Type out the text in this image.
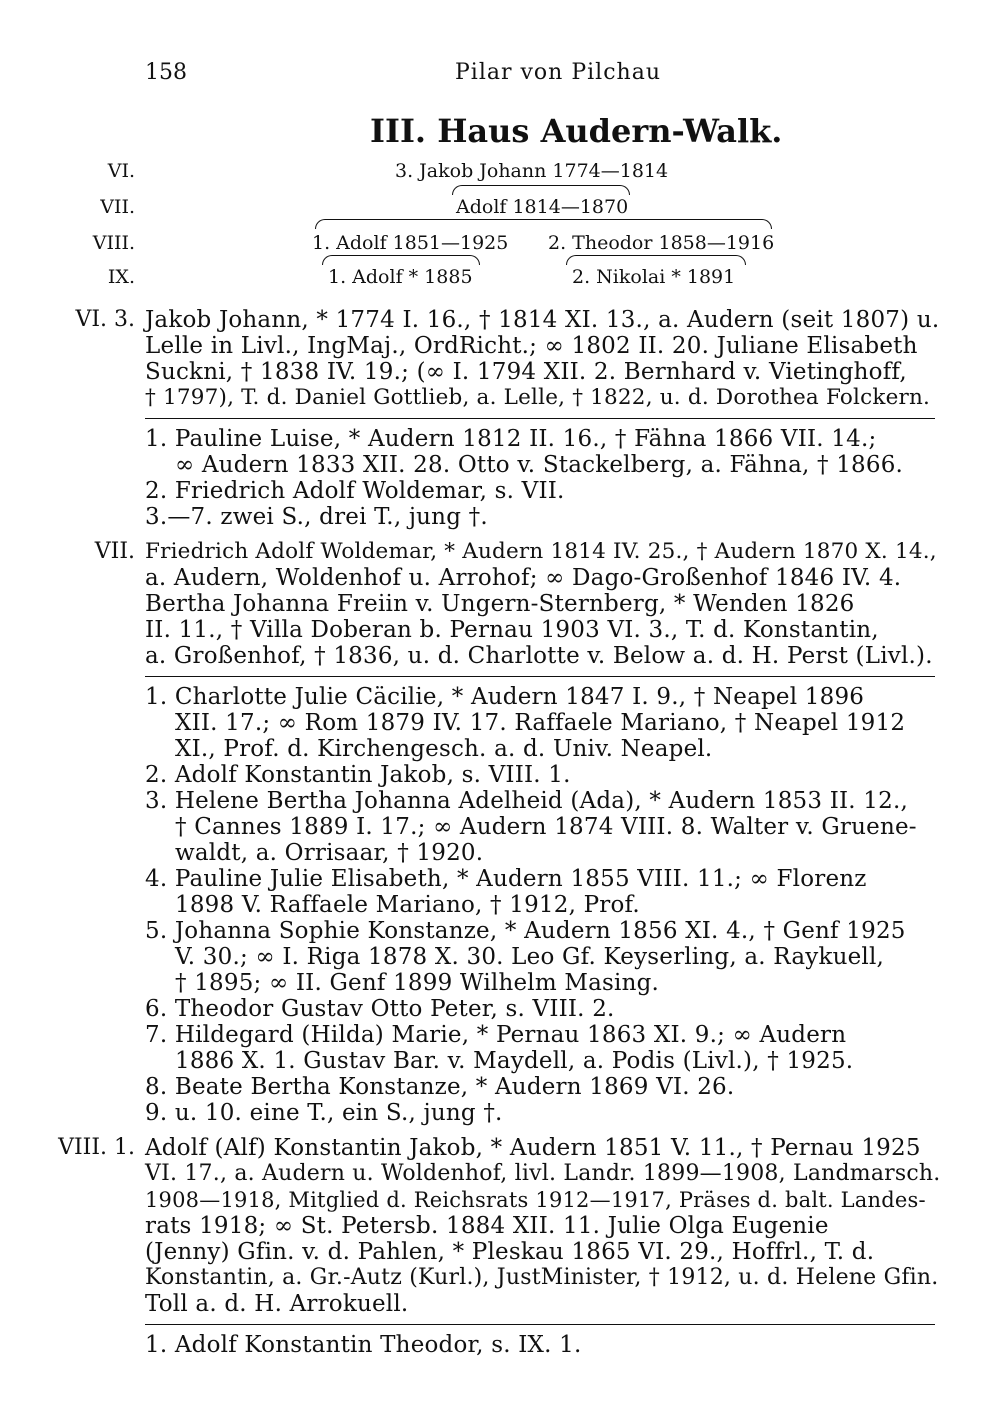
158	Pilar von Pilchau
III. Haus Audern-Walk.
VI.
VII.
VIII.
IX.
3. Jakob Johann 1774—1814
Adolf 1814—1870
1. Adolf 1851—1925 2. Theodor 1858—1916
1. Adolf * 1885	2. Nikolai * 1891
VI. 3. Jakob Johann, * 1774 I. 16., † 1814 XI. 13., a. Audern (seit 1807) u.
Lelle in Livl., IngMaj., OrdRicht.; ∞ 1802 II. 20. Juliane Elisabeth
Suckni, † 1838 IV. 19.; (∞ I. 1794 XII. 2. Bernhard v. Vietinghoff,
† 1797), T. d. Daniel Gottlieb, a. Lelle, † 1822, u. d. Dorothea Folckern.
1. Pauline Luise, * Audern 1812 II. 16., † Fähna 1866 VII. 14.;
∞ Audern 1833 XII. 28. Otto v. Stackelberg, a. Fähna, † 1866.
2. Friedrich Adolf Woldemar, s. VII.
3.—7. zwei S., drei T., jung †.
VII. Friedrich Adolf Woldemar, * Audern 1814 IV. 25., † Audern 1870 X. 14.,
a. Audern, Woldenhof u. Arrohof; ∞ Dago-Großenhof 1846 IV. 4.
Bertha Johanna Freiin v. Ungern-Sternberg, * Wenden 1826
II. 11., † Villa Doberan b. Pernau 1903 VI. 3., T. d. Konstantin,
a. Großenhof, † 1836, u. d. Charlotte v. Below a. d. H. Perst (Livl.).
1. Charlotte Julie Cäcilie, * Audern 1847 I. 9., † Neapel 1896
XII. 17.; ∞ Rom 1879 IV. 17. Raffaele Mariano, † Neapel 1912
XI., Prof. d. Kirchengesch. a. d. Univ. Neapel.
2. Adolf Konstantin Jakob, s. VIII. 1.
3. Helene Bertha Johanna Adelheid (Ada), * Audern 1853 II. 12.,
† Cannes 1889 I. 17.; ∞ Audern 1874 VIII. 8. Walter v. Gruene-
waldt, a. Orrisaar, † 1920.
4. Pauline Julie Elisabeth, * Audern 1855 VIII. 11.; ∞ Florenz
1898 V. Raffaele Mariano, † 1912, Prof.
5. Johanna Sophie Konstanze, * Audern 1856 XI. 4., † Genf 1925
V. 30.; ∞ I. Riga 1878 X. 30. Leo Gf. Keyserling, a. Raykuell,
† 1895; ∞ II. Genf 1899 Wilhelm Masing.
6. Theodor Gustav Otto Peter, s. VIII. 2.
7. Hildegard (Hilda) Marie, * Pernau 1863 XI. 9.; ∞ Audern
1886 X. 1. Gustav Bar. v. Maydell, a. Podis (Livl.), † 1925.
8. Beate Bertha Konstanze, * Audern 1869 VI. 26.
9. u. 10. eine T., ein S., jung †.
VIII. 1. Adolf (Alf) Konstantin Jakob, * Audern 1851 V. 11., † Pernau 1925
VI. 17., a. Audern u. Woldenhof, livl. Landr. 1899—1908, Landmarsch.
1908—1918, Mitglied d. Reichsrats 1912—1917, Präses d. balt. Landes-
rats 1918; ∞ St. Petersb. 1884 XII. 11. Julie Olga Eugenie
(Jenny) Gfin. v. d. Pahlen, * Pleskau 1865 VI. 29., Hoffrl., T. d.
Konstantin, a. Gr.-Autz (Kurl.), JustMinister, † 1912, u. d. Helene Gfin.
Toll a. d. H. Arrokuell.
1. Adolf Konstantin Theodor, s. IX. 1.
